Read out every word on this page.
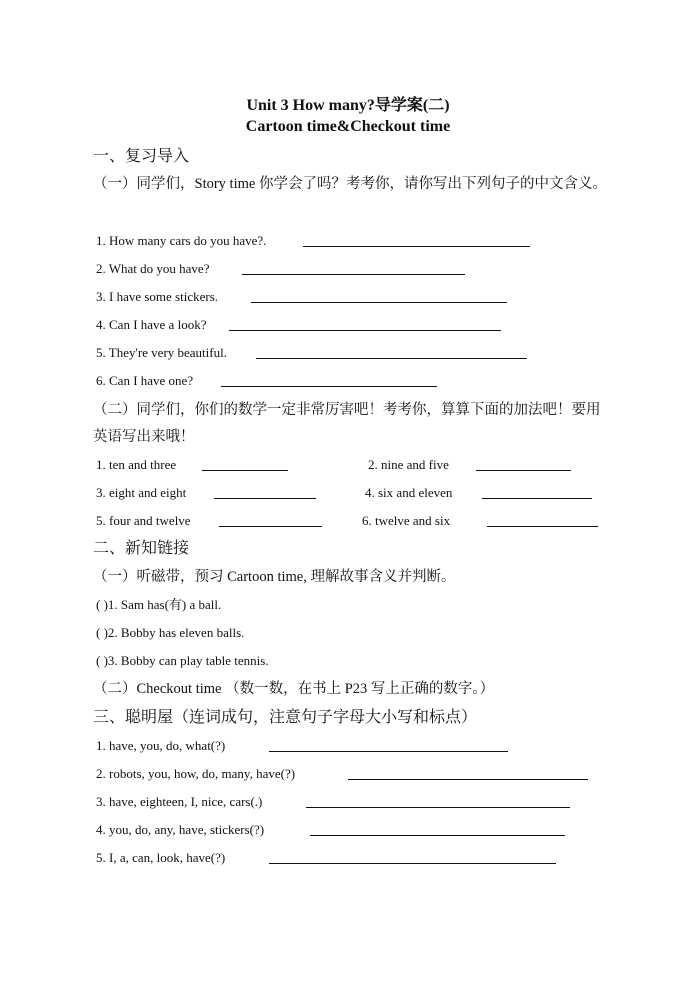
Unit 3 How many?导学案(二)
Cartoon time&Checkout time
一、复习导入
（一）同学们，Story time 你学会了吗？考考你，请你写出下列句子的中文含义。
1. How many cars do you have?.
2. What do you have?
3. I have some stickers.
4. Can I have a look?
5. They're very beautiful.
6. Can I have one?
（二）同学们，你们的数学一定非常厉害吧！考考你，算算下面的加法吧！要用英语写出来哦！
1. ten and three	2. nine and five
3. eight and eight	4. six and eleven
5. four and twelve	6. twelve and six
二、新知链接
（一）听磁带，预习 Cartoon time, 理解故事含义并判断。
( )1. Sam has(有) a ball.
( )2. Bobby has eleven balls.
( )3. Bobby can play table tennis.
（二）Checkout time （数一数，在书上 P23 写上正确的数字。）
三、聪明屋（连词成句，注意句子字母大小写和标点）
1. have, you, do, what(?)
2. robots, you, how, do, many, have(?)
3. have, eighteen, I, nice, cars(.)
4. you, do, any, have, stickers(?)
5. I, a, can, look, have(?)
